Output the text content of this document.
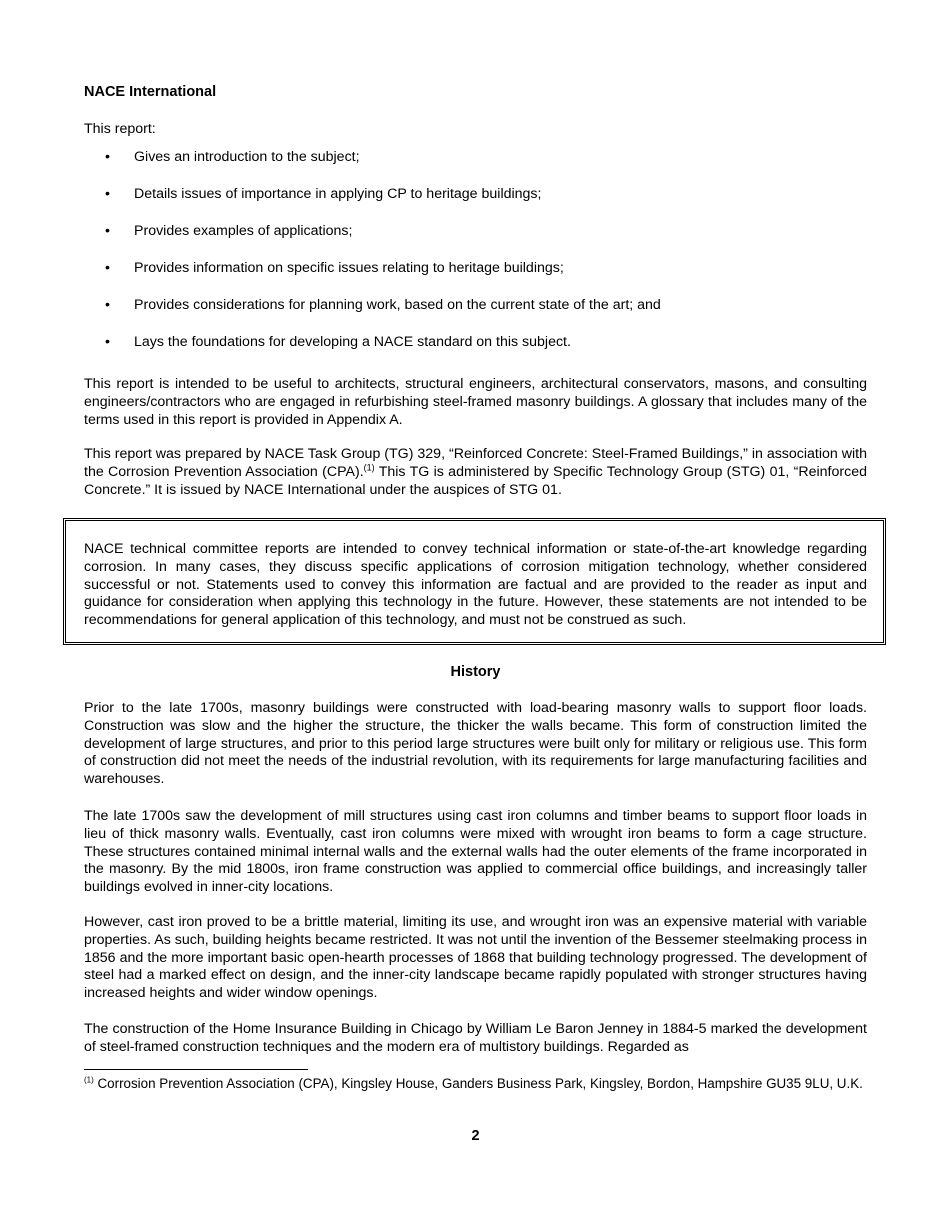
NACE International
This report:
• Gives an introduction to the subject;
• Details issues of importance in applying CP to heritage buildings;
• Provides examples of applications;
• Provides information on specific issues relating to heritage buildings;
• Provides considerations for planning work, based on the current state of the art; and
• Lays the foundations for developing a NACE standard on this subject.

This report is intended to be useful to architects, structural engineers, architectural conservators, masons, and consulting engineers/contractors who are engaged in refurbishing steel-framed masonry buildings. A glossary that includes many of the terms used in this report is provided in Appendix A.

This report was prepared by NACE Task Group (TG) 329, “Reinforced Concrete: Steel-Framed Buildings,” in association with the Corrosion Prevention Association (CPA).$^{(1)}$ This TG is administered by Specific Technology Group (STG) 01, “Reinforced Concrete.” It is issued by NACE International under the auspices of STG 01.

NACE technical committee reports are intended to convey technical information or state-of-the-art knowledge regarding corrosion. In many cases, they discuss specific applications of corrosion mitigation technology, whether considered successful or not. Statements used to convey this information are factual and are provided to the reader as input and guidance for consideration when applying this technology in the future. However, these statements are not intended to be recommendations for general application of this technology, and must not be construed as such.

History

Prior to the late 1700s, masonry buildings were constructed with load-bearing masonry walls to support floor loads. Construction was slow and the higher the structure, the thicker the walls became. This form of construction limited the development of large structures, and prior to this period large structures were built only for military or religious use. This form of construction did not meet the needs of the industrial revolution, with its requirements for large manufacturing facilities and warehouses.

The late 1700s saw the development of mill structures using cast iron columns and timber beams to support floor loads in lieu of thick masonry walls. Eventually, cast iron columns were mixed with wrought iron beams to form a cage structure. These structures contained minimal internal walls and the external walls had the outer elements of the frame incorporated in the masonry. By the mid 1800s, iron frame construction was applied to commercial office buildings, and increasingly taller buildings evolved in inner-city locations.

However, cast iron proved to be a brittle material, limiting its use, and wrought iron was an expensive material with variable properties. As such, building heights became restricted. It was not until the invention of the Bessemer steelmaking process in 1856 and the more important basic open-hearth processes of 1868 that building technology progressed. The development of steel had a marked effect on design, and the inner-city landscape became rapidly populated with stronger structures having increased heights and wider window openings.

The construction of the Home Insurance Building in Chicago by William Le Baron Jenney in 1884-5 marked the development of steel-framed construction techniques and the modern era of multistory buildings. Regarded as

$^{(1)}$ Corrosion Prevention Association (CPA), Kingsley House, Ganders Business Park, Kingsley, Bordon, Hampshire GU35 9LU, U.K.
2
